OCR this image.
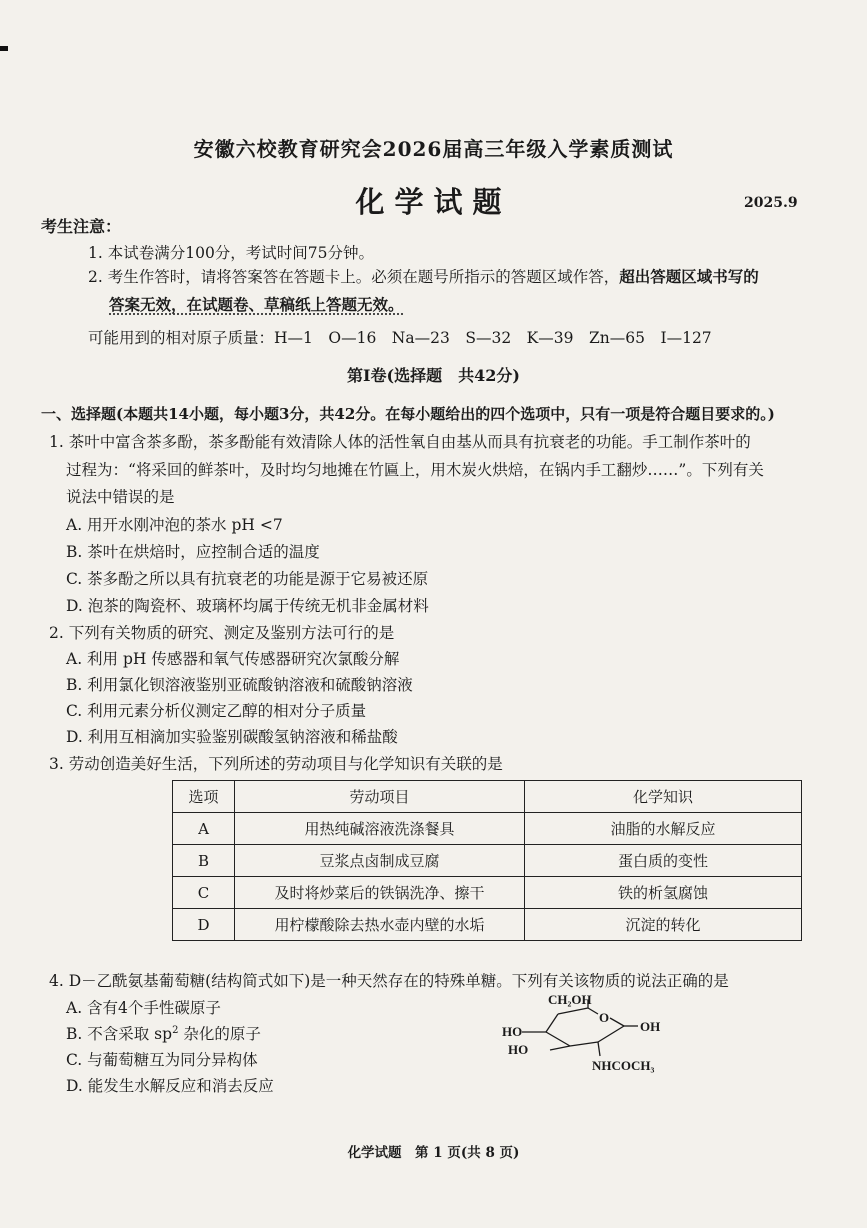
安徽六校教育研究会2026届高三年级入学素质测试
化学试题	2025.9
考生注意：
1. 本试卷满分100分，考试时间75分钟。
2. 考生作答时，请将答案答在答题卡上。必须在题号所指示的答题区域作答，超出答题区域书写的
答案无效，在试题卷、草稿纸上答题无效。
可能用到的相对原子质量：H—1　O—16　Na—23　S—32　K—39　Zn—65　I—127
第Ⅰ卷(选择题　共42分)
一、选择题(本题共14小题，每小题3分，共42分。在每小题给出的四个选项中，只有一项是符合题目要求的。)
1. 茶叶中富含茶多酚，茶多酚能有效清除人体的活性氧自由基从而具有抗衰老的功能。手工制作茶叶的
过程为：“将采回的鲜茶叶，及时均匀地摊在竹匾上，用木炭火烘焙，在锅内手工翻炒……”。下列有关
说法中错误的是
A. 用开水刚冲泡的茶水 pH <7
B. 茶叶在烘焙时，应控制合适的温度
C. 茶多酚之所以具有抗衰老的功能是源于它易被还原
D. 泡茶的陶瓷杯、玻璃杯均属于传统无机非金属材料
2. 下列有关物质的研究、测定及鉴别方法可行的是
A. 利用 pH 传感器和氧气传感器研究次氯酸分解
B. 利用氯化钡溶液鉴别亚硫酸钠溶液和硫酸钠溶液
C. 利用元素分析仪测定乙醇的相对分子质量
D. 利用互相滴加实验鉴别碳酸氢钠溶液和稀盐酸
3. 劳动创造美好生活，下列所述的劳动项目与化学知识有关联的是
选项	劳动项目	化学知识
A	用热纯碱溶液洗涤餐具	油脂的水解反应
B	豆浆点卤制成豆腐	蛋白质的变性
C	及时将炒菜后的铁锅洗净、擦干	铁的析氢腐蚀
D	用柠檬酸除去热水壶内壁的水垢	沉淀的转化
4. D－乙酰氨基葡萄糖(结构简式如下)是一种天然存在的特殊单糖。下列有关该物质的说法正确的是
A. 含有4个手性碳原子
B. 不含采取 $sp^2$ 杂化的原子
C. 与葡萄糖互为同分异构体
D. 能发生水解反应和消去反应
CH₂OH
O
OH
HO
HO
NHCOCH₃
化学试题　第 1 页(共 8 页)
